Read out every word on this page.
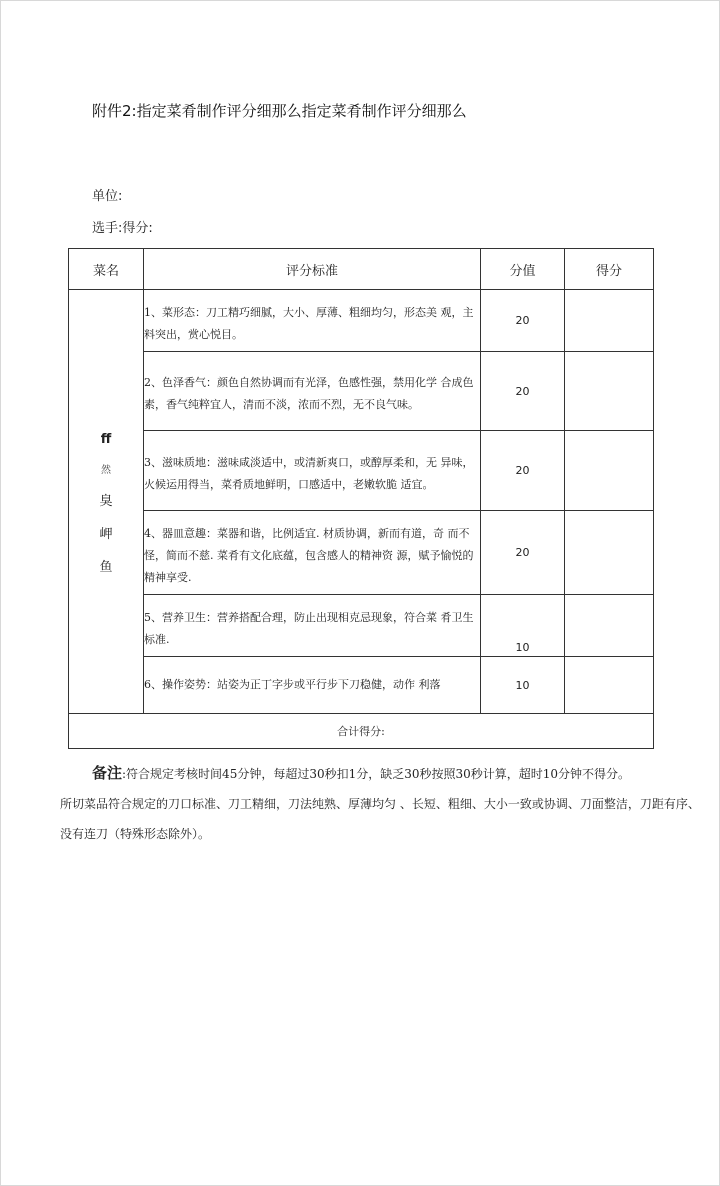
附件2:指定菜肴制作评分细那么指定菜肴制作评分细那么
单位:
选手:得分:
菜名	评分标准	分值	得分

ff
然
臭
岬
鱼	1、菜形态：刀工精巧细腻，大小、厚薄、粗细均匀，形态美 观，主料突出，赏心悦目。	20	

	2、色泽香气：颜色自然协调而有光泽，色感性强，禁用化学 合成色素，香气纯粹宜人，清而不淡，浓而不烈，无不良气味。	20	

	3、滋味质地：滋味咸淡适中，或清新爽口，或醇厚柔和，无 异味，火候运用得当，菜肴质地鲜明，口感适中，老嫩软脆 适宜。	20	

	4、器皿意趣：菜器和谐，比例适宜. 材质协调，新而有道，奇 而不怪，简而不慈. 菜肴有文化底蕴，包含感人的精神资 源，赋予愉悦的精神享受.	20	

	5、营养卫生：营养搭配合理，防止出现相克忌现象，符合菜 肴卫生标准.	10	

	6、操作姿势：站姿为正丁字步或平行步下刀稳健，动作 利落	10	
合计得分:			
备注:符合规定考核时间45分钟，每超过30秒扣1分，缺乏30秒按照30秒计算，超时10分钟不得分。
所切菜品符合规定的刀口标准、刀工精细，刀法纯熟、厚薄均匀 、长短、粗细、大小一致或协调、刀面整洁，刀距有序、没有连刀（特殊形态除外）。
